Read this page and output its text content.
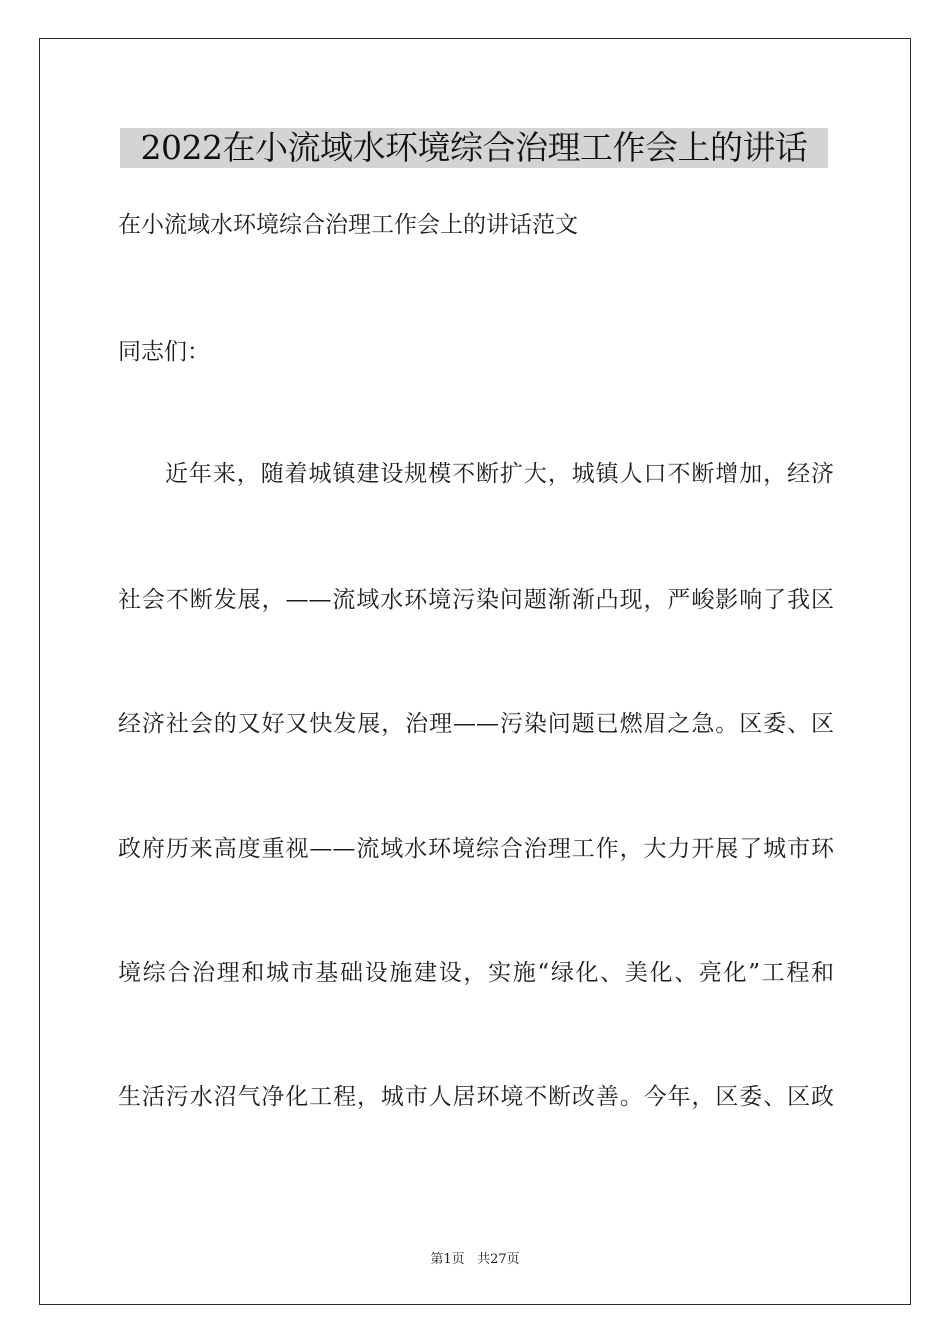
2022在小流域水环境综合治理工作会上的讲话
在小流域水环境综合治理工作会上的讲话范文
同志们：
近年来，随着城镇建设规模不断扩大，城镇人口不断增加，经济
社会不断发展，——流域水环境污染问题渐渐凸现，严峻影响了我区
经济社会的又好又快发展，治理——污染问题已燃眉之急。区委、区
政府历来高度重视——流域水环境综合治理工作，大力开展了城市环
境综合治理和城市基础设施建设，实施“绿化、美化、亮化”工程和
生活污水沼气净化工程，城市人居环境不断改善。今年，区委、区政
第1页 共27页
